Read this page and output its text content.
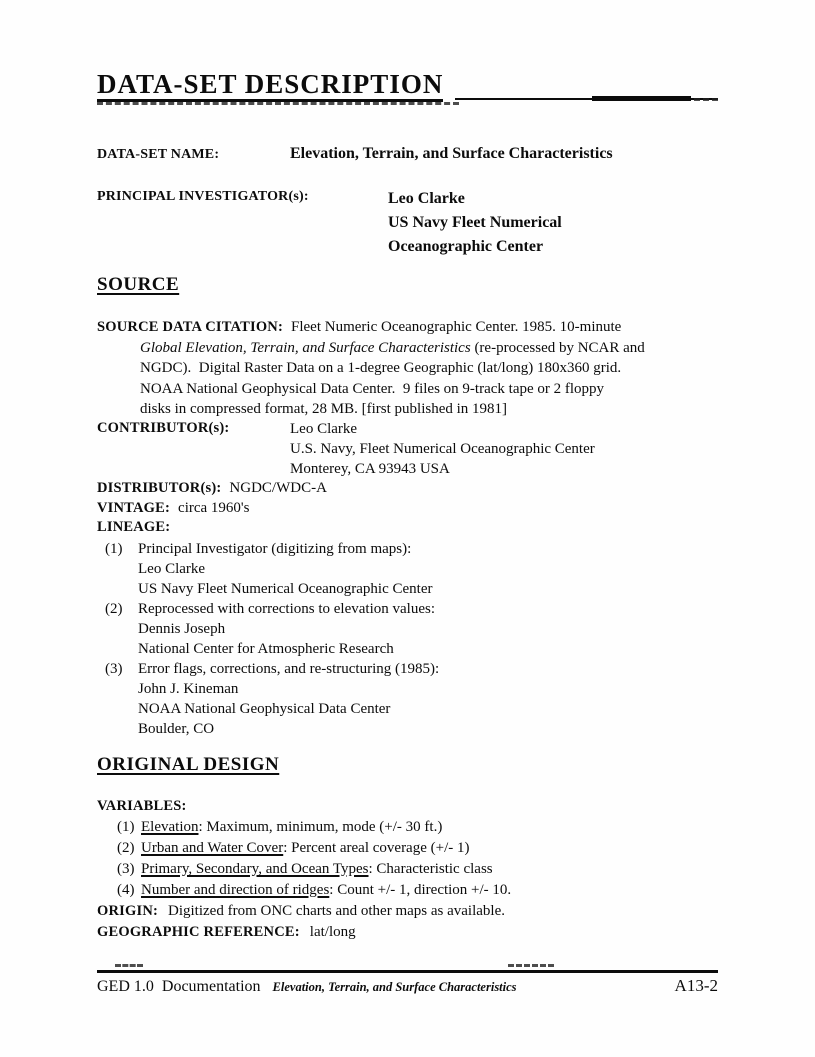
DATA-SET DESCRIPTION
DATA-SET NAME:	Elevation, Terrain, and Surface Characteristics
PRINCIPAL INVESTIGATOR(s):	Leo Clarke
US Navy Fleet Numerical
Oceanographic Center
SOURCE
SOURCE DATA CITATION: Fleet Numeric Oceanographic Center. 1985. 10-minute
Global Elevation, Terrain, and Surface Characteristics (re-processed by NCAR and
NGDC).  Digital Raster Data on a 1-degree Geographic (lat/long) 180x360 grid.
NOAA National Geophysical Data Center.  9 files on 9-track tape or 2 floppy
disks in compressed format, 28 MB. [first published in 1981]
CONTRIBUTOR(s):	Leo Clarke
U.S. Navy, Fleet Numerical Oceanographic Center
Monterey, CA 93943 USA
DISTRIBUTOR(s): NGDC/WDC-A
VINTAGE: circa 1960's
LINEAGE:
(1) Principal Investigator (digitizing from maps):
Leo Clarke
US Navy Fleet Numerical Oceanographic Center
(2) Reprocessed with corrections to elevation values:
Dennis Joseph
National Center for Atmospheric Research
(3) Error flags, corrections, and re-structuring (1985):
John J. Kineman
NOAA National Geophysical Data Center
Boulder, CO
ORIGINAL DESIGN
VARIABLES:
(1) Elevation: Maximum, minimum, mode (+/- 30 ft.)
(2) Urban and Water Cover: Percent areal coverage (+/- 1)
(3) Primary, Secondary, and Ocean Types: Characteristic class
(4) Number and direction of ridges: Count +/- 1, direction +/- 10.
ORIGIN: Digitized from ONC charts and other maps as available.
GEOGRAPHIC REFERENCE: lat/long
GED 1.0  Documentation Elevation, Terrain, and Surface Characteristics	A13-2
